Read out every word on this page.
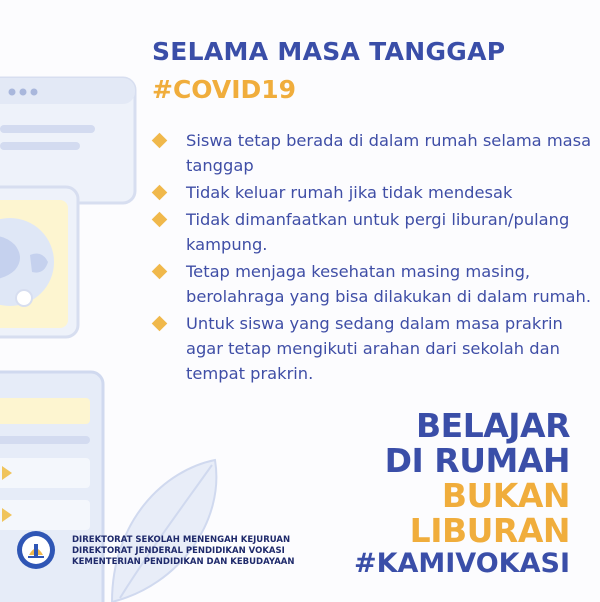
SELAMA MASA TANGGAP
#COVID19
Siswa tetap berada di dalam rumah selama masa tanggap
Tidak keluar rumah jika tidak mendesak
Tidak dimanfaatkan untuk pergi liburan/pulang kampung.
Tetap menjaga kesehatan masing masing, berolahraga yang bisa dilakukan di dalam rumah.
Untuk siswa yang sedang dalam masa prakrin agar tetap mengikuti arahan dari sekolah dan tempat prakrin.
BELAJAR
DI RUMAH
BUKAN
LIBURAN
#KAMIVOKASI
DIREKTORAT SEKOLAH MENENGAH KEJURUAN
DIREKTORAT JENDERAL PENDIDIKAN VOKASI
KEMENTERIAN PENDIDIKAN DAN KEBUDAYAAN
